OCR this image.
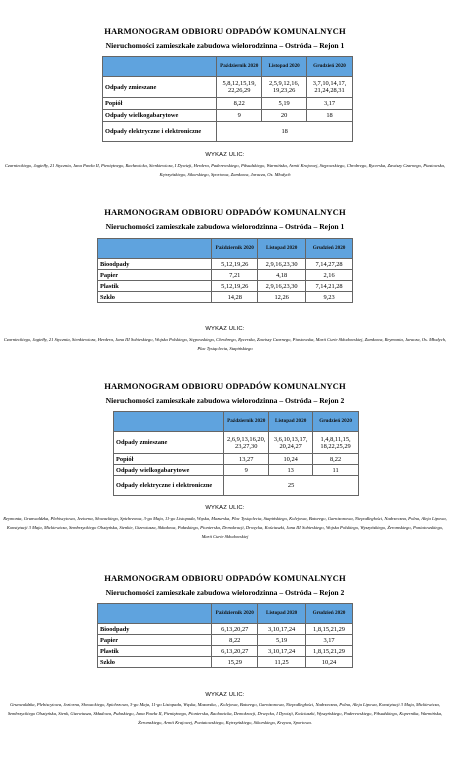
HARMONOGRAM ODBIORU ODPADÓW KOMUNALNYCH
Nieruchomości zamieszkałe zabudowa wielorodzinna – Ostróda – Rejon 1
	Październik 2020	Listopad 2020	Grudzień 2020
Odpady zmieszane	5,8,12,15,19, 22,26,29	2,5,9,12,16, 19,23,26	3,7,10,14,17, 21,24,28,31
Popiół	8,22	5,19	3,17
Odpady wielkogabarytowe	9	20	18
Odpady elektryczne i elektroniczne	18		
WYKAZ ULIC:
Czarnieckiego, Jagiełły, 21 Stycznia, Jana Pawła II, Pieniężnego, Racławicka, Sienkiewicza, I Dywizji, Herdera, Paderewskiego, Piłsudskiego, Warmińska, Armii Krajowej, Stępowskiego, Chrobrego, Rycerska, Zawiszy Czarnego, Piastowska, Kętrzyńskiego, Sikorskiego, Sportowa, Zamkowa, Jaracza, Os. Młodych
HARMONOGRAM ODBIORU ODPADÓW KOMUNALNYCH
Nieruchomości zamieszkałe zabudowa wielorodzinna – Ostróda – Rejon 1
	Październik 2020	Listopad 2020	Grudzień 2020
Bioodpady	5,12,19,26	2,9,16,23,30	7,14,27,28
Papier	7,21	4,18	2,16
Plastik	5,12,19,26	2,9,16,23,30	7,14,21,28
Szkło	14,28	12,26	9,23
WYKAZ ULIC:
Czarnieckiego, Jagiełły, 21 Stycznia, Sienkiewicza, Herdera, Jana III Sobieskiego, Wojska Polskiego, Stępowskiego, Chrobrego, Rycerska, Zawiszy Czarnego, Piastowska, Marii Curie Skłodowskiej, Zamkowa, Reymonta, Jaracza, Os. Młodych, Plac Tysiąclecia, Stapińskiego
HARMONOGRAM ODBIORU ODPADÓW KOMUNALNYCH
Nieruchomości zamieszkałe zabudowa wielorodzinna – Ostróda – Rejon 2
	Październik 2020	Listopad 2020	Grudzień 2020
Odpady zmieszane	2,6,9,13,16,20, 23,27,30	3,6,10,13,17, 20,24,27	1,4,8,11,15, 18,22,25,29
Popiół	13,27	10,24	8,22
Odpady wielkogabarytowe	9	13	11
Odpady elektryczne i elektroniczne	25		
WYKAZ ULIC:
Reymonta, Grunwaldzka, Plebiscytowa, Jeziorna, Słowackiego, Spichrzowa, 3-go Maja, 11-go Listopada, Wąska, Mazurska, Plac Tysiąclecia, Stapińskiego, Kolejowa, Batorego, Garnizonowa, Niepodległości, Nadrzeczna, Polna, Aleja Lipowa, Konstytucji 3 Maja, Mickiewicza, Sembrzyckiego Olsztyńska, Sienkie, Gizewiusza, Składowa, Pułaskiego, Pionierska, Demokracji, Drwęcka, Kościuszki, Jana III Sobieskiego, Wojska Polskiego, Wyszyńskiego, Żeromskiego, Poniatowskiego, Marii Curie Skłodowskiej
HARMONOGRAM ODBIORU ODPADÓW KOMUNALNYCH
Nieruchomości zamieszkałe zabudowa wielorodzinna – Ostróda – Rejon 2
	Październik 2020	Listopad 2020	Grudzień 2020
Bioodpady	6,13,20,27	3,10,17,24	1,8,15,21,29
Papier	8,22	5,19	3,17
Plastik	6,13,20,27	3,10,17,24	1,8,15,21,29
Szkło	15,29	11,25	10,24
WYKAZ ULIC:
Grunwaldzka, Plebiscytowa, Jeziorna, Słowackiego, Spichrzowa, 3-go Maja, 11-go Listopada, Wąska, Mazurska, , Kolejowa, Batorego, Garnizonowa, Niepodległości, Nadrzeczna, Polna, Aleja Lipowa, Konstytucji 3 Maja, Mickiewicza, Sembrzyckiego Olsztyńska, Sienk, Gizewiusza, Składowa, Pułaskiego, Jana Pawła II, Pieniężnego, Pionierska, Racławicka, Demokracji, Drwęcka, I Dywizji, Kościuszki, Wyszyńskiego, Paderewskiego, Piłsudskiego, Kopernika, Warmińska, Żeromskiego, Armii Krajowej, Poniatowskiego, Kętrzyńskiego, Sikorskiego, Krzywa, Sportowa.
